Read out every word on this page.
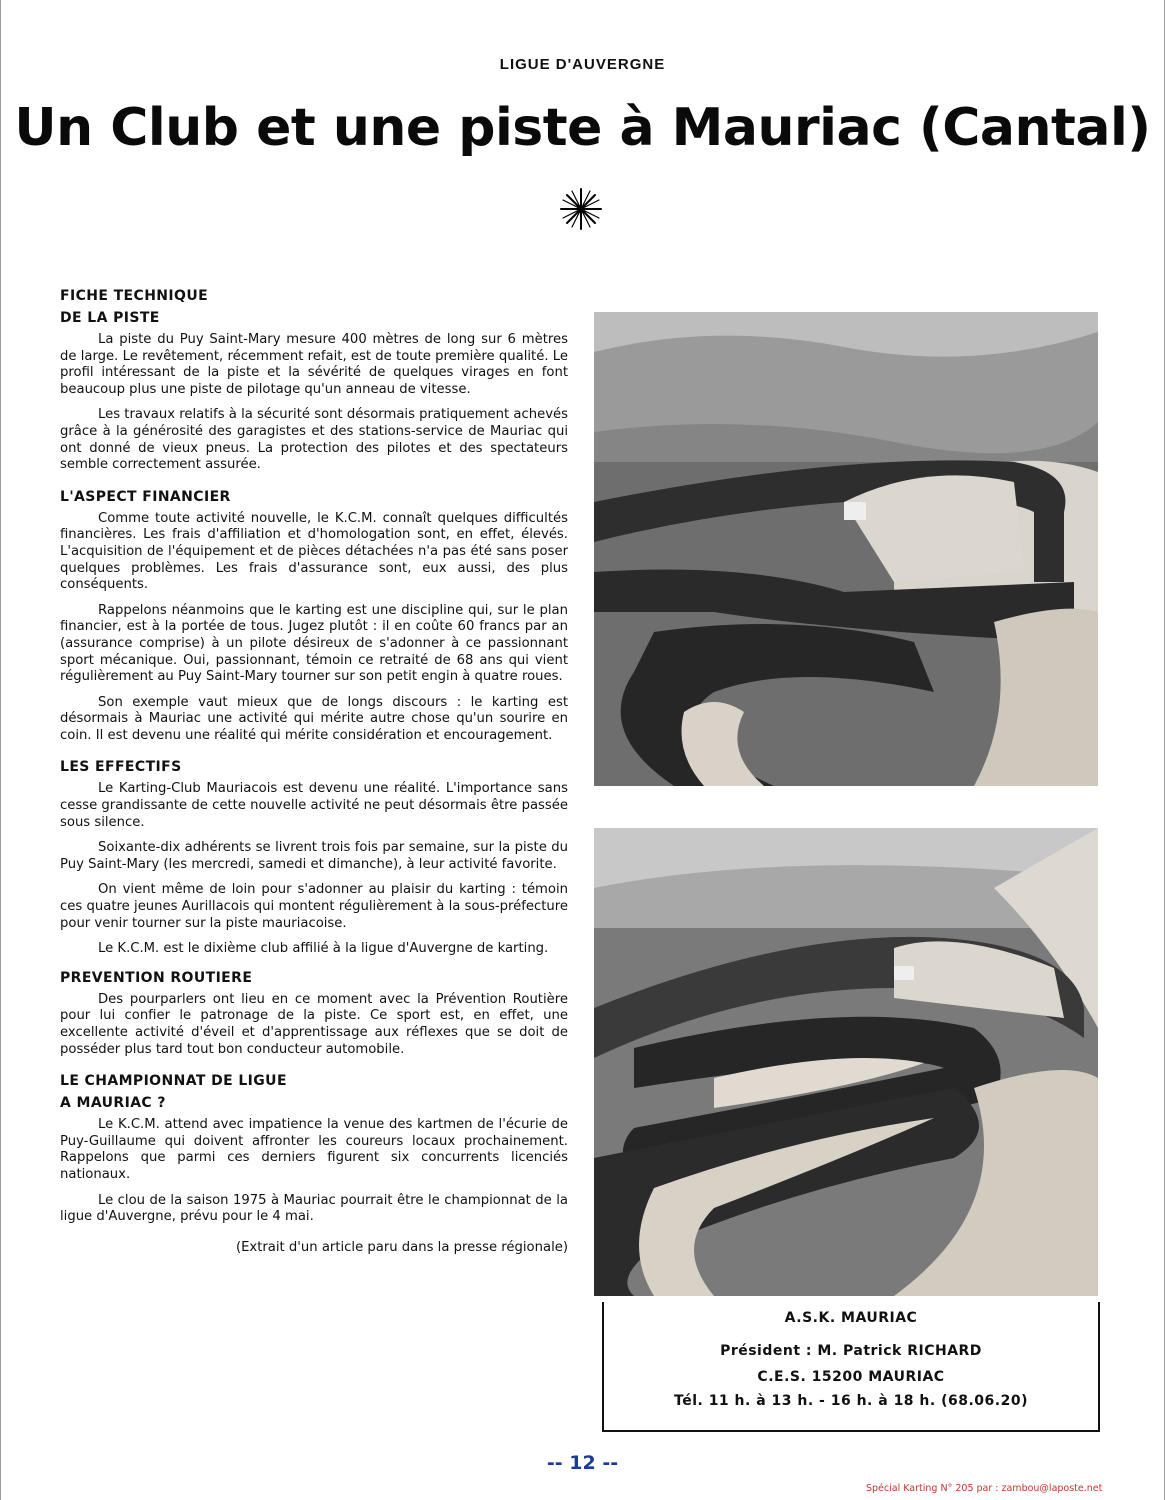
LIGUE D'AUVERGNE
Un Club et une piste à Mauriac (Cantal)
FICHE TECHNIQUE
DE LA PISTE

La piste du Puy Saint-Mary mesure 400 mètres de long sur 6 mètres de large. Le revêtement, récemment refait, est de toute première qualité. Le profil intéressant de la piste et la sévérité de quelques virages en font beaucoup plus une piste de pilotage qu'un anneau de vitesse.

Les travaux relatifs à la sécurité sont désormais pratiquement achevés grâce à la générosité des garagistes et des stations-service de Mauriac qui ont donné de vieux pneus. La protection des pilotes et des spectateurs semble correctement assurée.

L'ASPECT FINANCIER

Comme toute activité nouvelle, le K.C.M. connaît quelques difficultés financières. Les frais d'affiliation et d'homologation sont, en effet, élevés. L'acquisition de l'équipement et de pièces détachées n'a pas été sans poser quelques problèmes. Les frais d'assurance sont, eux aussi, des plus conséquents.

Rappelons néanmoins que le karting est une discipline qui, sur le plan financier, est à la portée de tous. Jugez plutôt : il en coûte 60 francs par an (assurance comprise) à un pilote désireux de s'adonner à ce passionnant sport mécanique. Oui, passionnant, témoin ce retraité de 68 ans qui vient régulièrement au Puy Saint-Mary tourner sur son petit engin à quatre roues.

Son exemple vaut mieux que de longs discours : le karting est désormais à Mauriac une activité qui mérite autre chose qu'un sourire en coin. Il est devenu une réalité qui mérite considération et encouragement.

LES EFFECTIFS

Le Karting-Club Mauriacois est devenu une réalité. L'importance sans cesse grandissante de cette nouvelle activité ne peut désormais être passée sous silence.

Soixante-dix adhérents se livrent trois fois par semaine, sur la piste du Puy Saint-Mary (les mercredi, samedi et dimanche), à leur activité favorite.

On vient même de loin pour s'adonner au plaisir du karting : témoin ces quatre jeunes Aurillacois qui montent régulièrement à la sous-préfecture pour venir tourner sur la piste mauriacoise.

Le K.C.M. est le dixième club affilié à la ligue d'Auvergne de karting.

PREVENTION ROUTIERE

Des pourparlers ont lieu en ce moment avec la Prévention Routière pour lui confier le patronage de la piste. Ce sport est, en effet, une excellente activité d'éveil et d'apprentissage aux réflexes que se doit de posséder plus tard tout bon conducteur automobile.

LE CHAMPIONNAT DE LIGUE
A MAURIAC ?

Le K.C.M. attend avec impatience la venue des kartmen de l'écurie de Puy-Guillaume qui doivent affronter les coureurs locaux prochainement. Rappelons que parmi ces derniers figurent six concurrents licenciés nationaux.

Le clou de la saison 1975 à Mauriac pourrait être le championnat de la ligue d'Auvergne, prévu pour le 4 mai.

(Extrait d'un article paru dans la presse régionale)

A.S.K. MAURIAC
Président : M. Patrick RICHARD
C.E.S. 15200 MAURIAC
Tél. 11 h. à 13 h. - 16 h. à 18 h. (68.06.20)
-- 12 --
Spécial Karting N° 205 par : zambou@laposte.net
